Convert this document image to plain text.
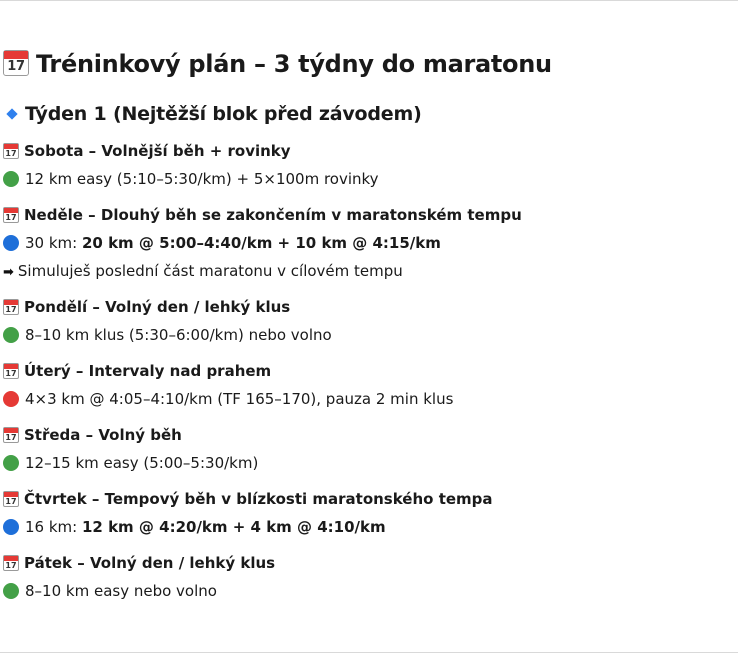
17 Tréninkový plán – 3 týdny do maratonu
Týden 1 (Nejtěžší blok před závodem)
17 Sobota – Volnější běh + rovinky
12 km easy (5:10–5:30/km) + 5×100m rovinky
17 Neděle – Dlouhý běh se zakončením v maratonském tempu
30 km: 20 km @ 5:00–4:40/km + 10 km @ 4:15/km
➡ Simuluješ poslední část maratonu v cílovém tempu
17 Pondělí – Volný den / lehký klus
8–10 km klus (5:30–6:00/km) nebo volno
17 Úterý – Intervaly nad prahem
4×3 km @ 4:05–4:10/km (TF 165–170), pauza 2 min klus
17 Středa – Volný běh
12–15 km easy (5:00–5:30/km)
17 Čtvrtek – Tempový běh v blízkosti maratonského tempa
16 km: 12 km @ 4:20/km + 4 km @ 4:10/km
17 Pátek – Volný den / lehký klus
8–10 km easy nebo volno
